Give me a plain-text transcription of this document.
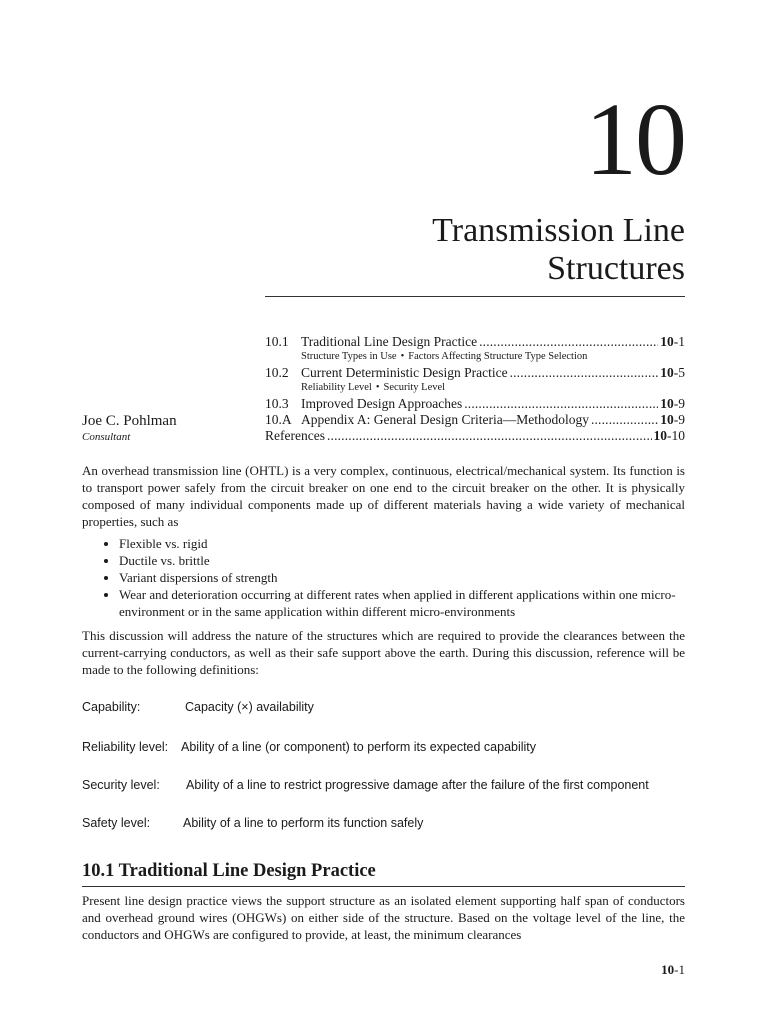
10
Transmission Line
Structures
10.1 Traditional Line Design Practice . . .	10-1
Structure Types in Use • Factors Affecting Structure Type Selection
10.2 Current Deterministic Design Practice . . .	10-5
Reliability Level • Security Level
10.3 Improved Design Approaches . . .	10-9
10.A Appendix A: General Design Criteria—Methodology . . .	10-9
References . . .	10-10
Joe C. Pohlman
Consultant

An overhead transmission line (OHTL) is a very complex, continuous, electrical/mechanical system. Its function is to transport power safely from the circuit breaker on one end to the circuit breaker on the other. It is physically composed of many individual components made up of different materials having a wide variety of mechanical properties, such as

• Flexible vs. rigid
• Ductile vs. brittle
• Variant dispersions of strength
• Wear and deterioration occurring at different rates when applied in different applications within one micro-environment or in the same application within different micro-environments

This discussion will address the nature of the structures which are required to provide the clearances between the current-carrying conductors, as well as their safe support above the earth. During this discussion, reference will be made to the following definitions:

Capability:	Capacity (×) availability
Reliability level: Ability of a line (or component) to perform its expected capability
Security level: Ability of a line to restrict progressive damage after the failure of the first component
Safety level:	Ability of a line to perform its function safely
10.1 Traditional Line Design Practice

Present line design practice views the support structure as an isolated element supporting half span of conductors and overhead ground wires (OHGWs) on either side of the structure. Based on the voltage level of the line, the conductors and OHGWs are configured to provide, at least, the minimum clearances

10-1
